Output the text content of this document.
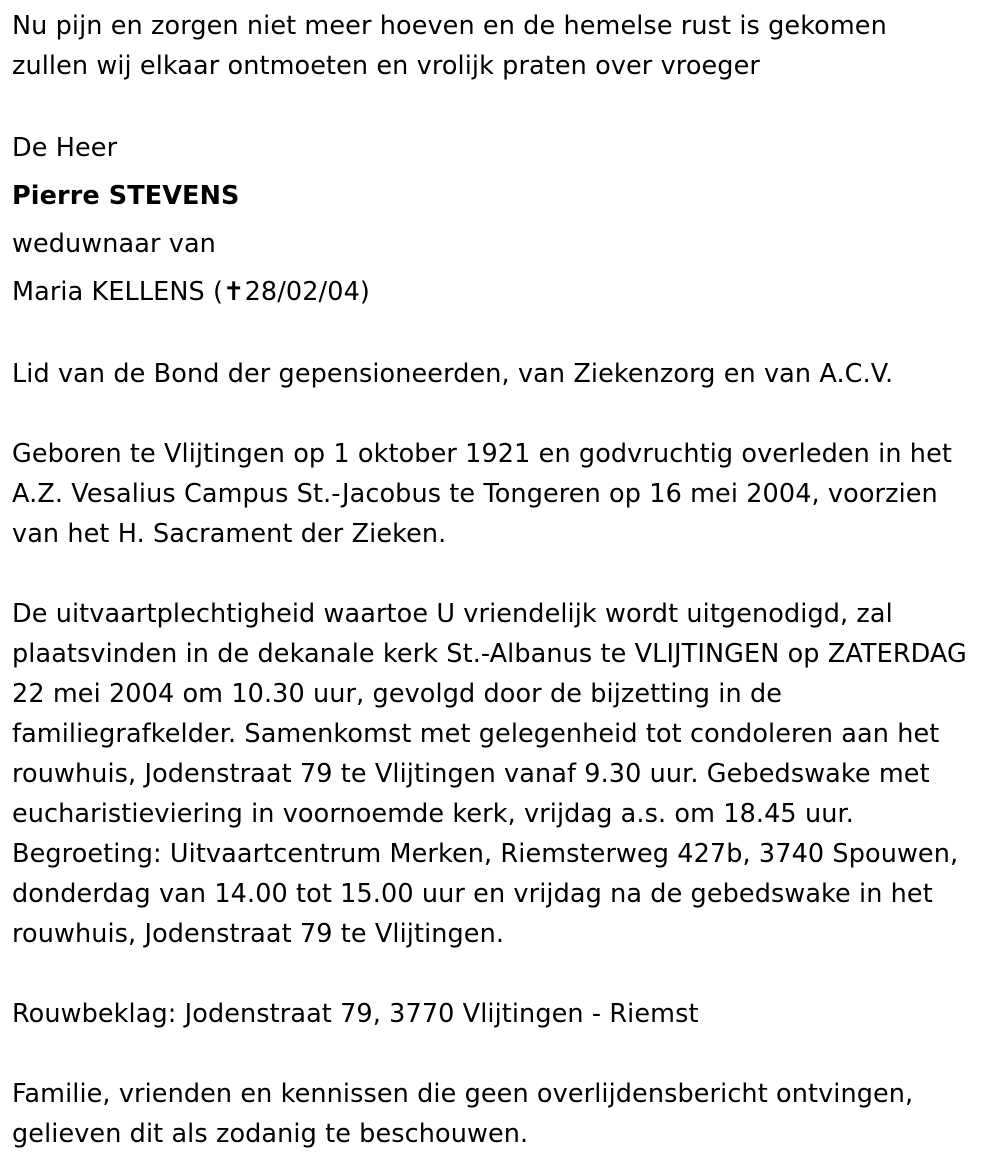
Nu pijn en zorgen niet meer hoeven en de hemelse rust is gekomen
zullen wij elkaar ontmoeten en vrolijk praten over vroeger
De Heer
Pierre STEVENS
weduwnaar van
Maria KELLENS (✝28/02/04)
Lid van de Bond der gepensioneerden, van Ziekenzorg en van A.C.V.
Geboren te Vlijtingen op 1 oktober 1921 en godvruchtig overleden in het
A.Z. Vesalius Campus St.-Jacobus te Tongeren op 16 mei 2004, voorzien
van het H. Sacrament der Zieken.
De uitvaartplechtigheid waartoe U vriendelijk wordt uitgenodigd, zal
plaatsvinden in de dekanale kerk St.-Albanus te VLIJTINGEN op ZATERDAG
22 mei 2004 om 10.30 uur, gevolgd door de bijzetting in de
familiegrafkelder. Samenkomst met gelegenheid tot condoleren aan het
rouwhuis, Jodenstraat 79 te Vlijtingen vanaf 9.30 uur. Gebedswake met
eucharistieviering in voornoemde kerk, vrijdag a.s. om 18.45 uur.
Begroeting: Uitvaartcentrum Merken, Riemsterweg 427b, 3740 Spouwen,
donderdag van 14.00 tot 15.00 uur en vrijdag na de gebedswake in het
rouwhuis, Jodenstraat 79 te Vlijtingen.
Rouwbeklag: Jodenstraat 79, 3770 Vlijtingen - Riemst
Familie, vrienden en kennissen die geen overlijdensbericht ontvingen,
gelieven dit als zodanig te beschouwen.
